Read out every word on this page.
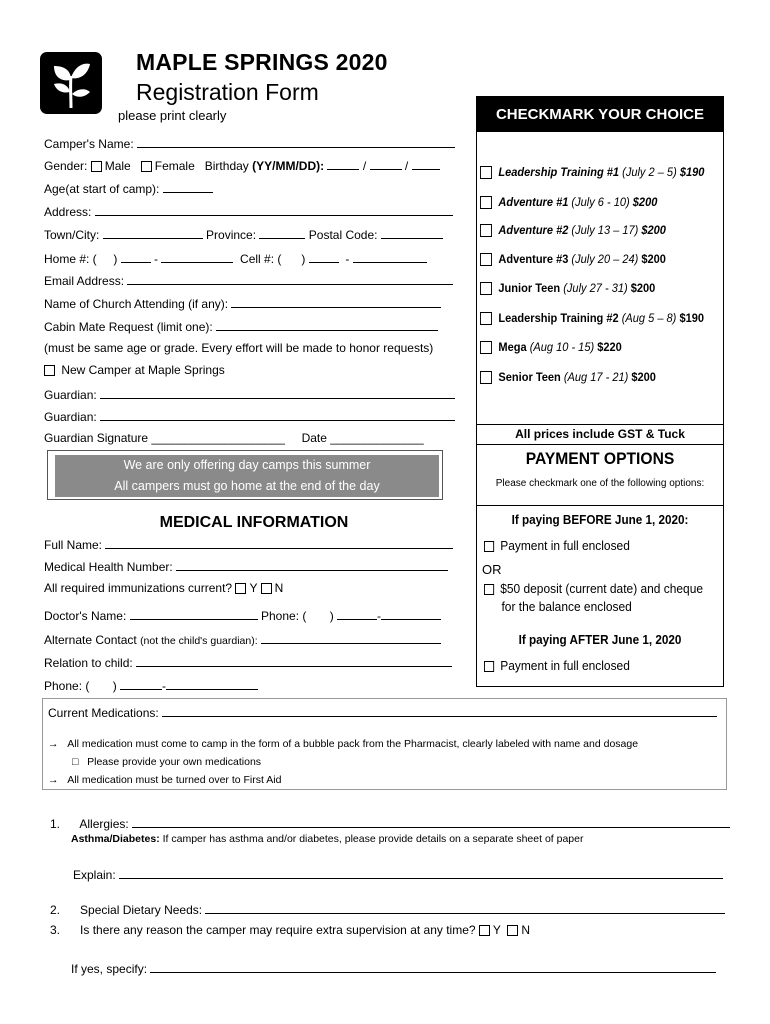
MAPLE SPRINGS 2020
Registration Form
please print clearly
Camper's Name:
Gender: Male Female Birthday (YY/MM/DD):	/	/
Age(at start of camp):
Address:
Town/City:	Province:	Postal Code:
Home #: (     )	-	Cell #: (      )	-
Email Address:
Name of Church Attending (if any):
Cabin Mate Request (limit one):
(must be same age or grade. Every effort will be made to honor requests)
New Camper at Maple Springs
Guardian:
Guardian:
Guardian Signature ____________________ Date ______________
We are only offering day camps this summer
All campers must go home at the end of the day
MEDICAL INFORMATION
Full Name:
Medical Health Number:
All required immunizations current? Y N
Doctor's Name:	Phone: (       )	-
Alternate Contact (not the child's guardian):
Relation to child:
Phone: (       )	-
CHECKMARK YOUR CHOICE
Leadership Training #1 (July 2 – 5) $190
Adventure #1 (July 6 - 10) $200
Adventure #2 (July 13 – 17) $200
Adventure #3 (July 20 – 24) $200
Junior Teen (July 27 - 31) $200
Leadership Training #2 (Aug 5 – 8) $190
Mega (Aug 10 - 15) $220
Senior Teen (Aug 17 - 21) $200
All prices include GST & Tuck
PAYMENT OPTIONS
Please checkmark one of the following options:
If paying BEFORE June 1, 2020:
Payment in full enclosed
OR
$50 deposit (current date) and cheque
for the balance enclosed
If paying AFTER June 1, 2020
Payment in full enclosed
Current Medications:
→ All medication must come to camp in the form of a bubble pack from the Pharmacist, clearly labeled with name and dosage
□ Please provide your own medications
→ All medication must be turned over to First Aid
1. Allergies:
Asthma/Diabetes: If camper has asthma and/or diabetes, please provide details on a separate sheet of paper
Explain:
2. Special Dietary Needs:
3. Is there any reason the camper may require extra supervision at any time? Y N
If yes, specify:
